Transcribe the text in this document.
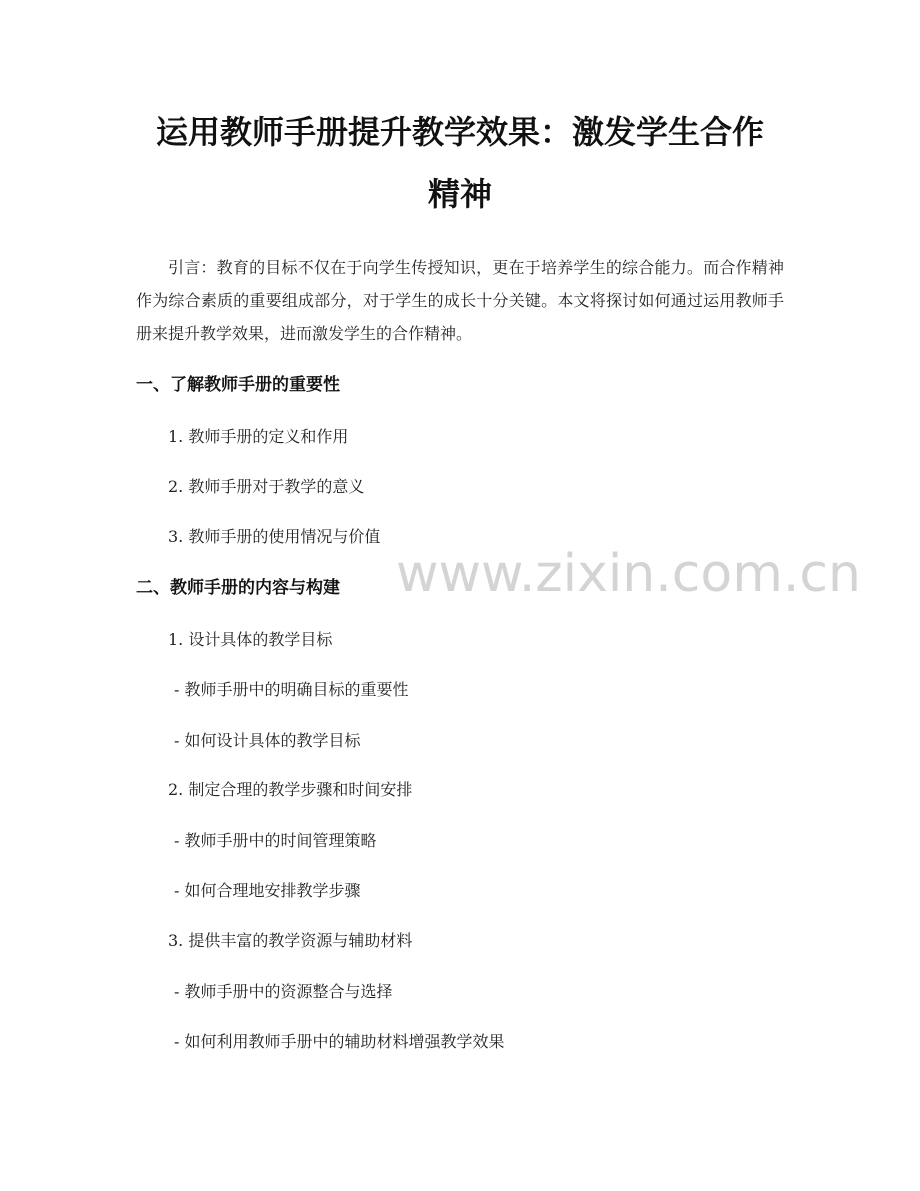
运用教师手册提升教学效果：激发学生合作
精神
引言：教育的目标不仅在于向学生传授知识，更在于培养学生的综合能力。而合作精神作为综合素质的重要组成部分，对于学生的成长十分关键。本文将探讨如何通过运用教师手册来提升教学效果，进而激发学生的合作精神。
一、了解教师手册的重要性
1. 教师手册的定义和作用
2. 教师手册对于教学的意义
3. 教师手册的使用情况与价值
二、教师手册的内容与构建
1. 设计具体的教学目标
- 教师手册中的明确目标的重要性
- 如何设计具体的教学目标
2. 制定合理的教学步骤和时间安排
- 教师手册中的时间管理策略
- 如何合理地安排教学步骤
3. 提供丰富的教学资源与辅助材料
- 教师手册中的资源整合与选择
- 如何利用教师手册中的辅助材料增强教学效果
www.zixin.com.cn
